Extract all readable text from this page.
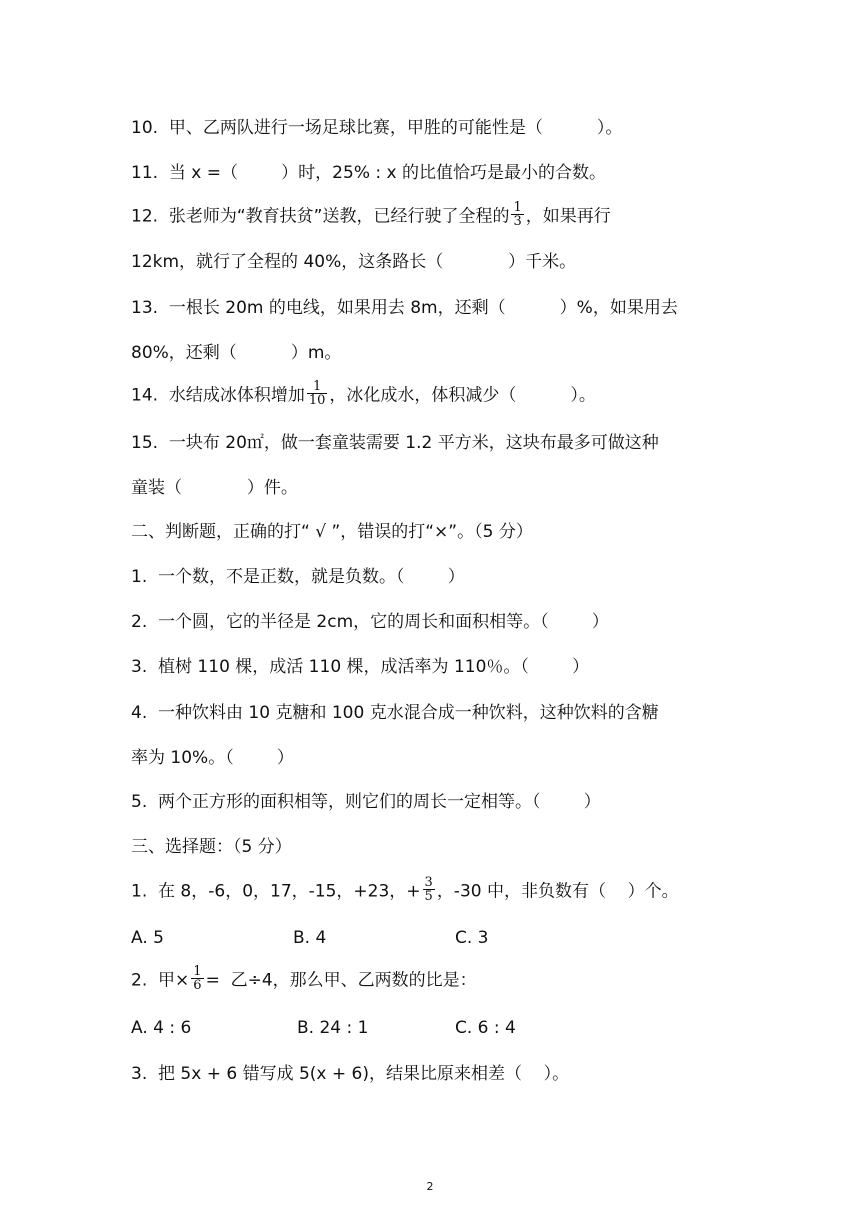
10.  甲、乙两队进行一场足球比赛，甲胜的可能性是（          ）。
11.  当 x =（        ）时，25% : x 的比值恰巧是最小的合数。
12.  张老师为“教育扶贫”送教，已经行驶了全程的 $\frac{1}{3}$ ，如果再行
12km，就行了全程的 40%，这条路长（            ）千米。
13.  一根长 20m 的电线，如果用去 8m，还剩（          ）%，如果用去
80%，还剩（          ）m。
14.  水结成冰体积增加 $\frac{1}{10}$ ，冰化成水，体积减少（          ）。
15.  一块布 20㎡，做一套童装需要 1.2 平方米，这块布最多可做这种
童装（            ）件。
二、判断题，正确的打“ √ ”，错误的打“×”。（5 分）
1.  一个数，不是正数，就是负数。（        ）
2.  一个圆，它的半径是 2cm，它的周长和面积相等。（        ）
3.  植树 110 棵，成活 110 棵，成活率为 110％。（        ）
4.  一种饮料由 10 克糖和 100 克水混合成一种饮料，这种饮料的含糖
率为 10%。（        ）
5.  两个正方形的面积相等，则它们的周长一定相等。（        ）
三、选择题：（5 分）
1.  在 8，-6，0，17，-15，+23，+ $\frac{3}{5}$ ，-30 中，非负数有（    ）个。
A. 5	B. 4	C. 3
2.  甲× $\frac{1}{6}$ =  乙÷4，那么甲、乙两数的比是：
A. 4 : 6	B. 24 : 1	C. 6 : 4
3.  把 5x + 6 错写成 5(x + 6)，结果比原来相差（    ）。
2
